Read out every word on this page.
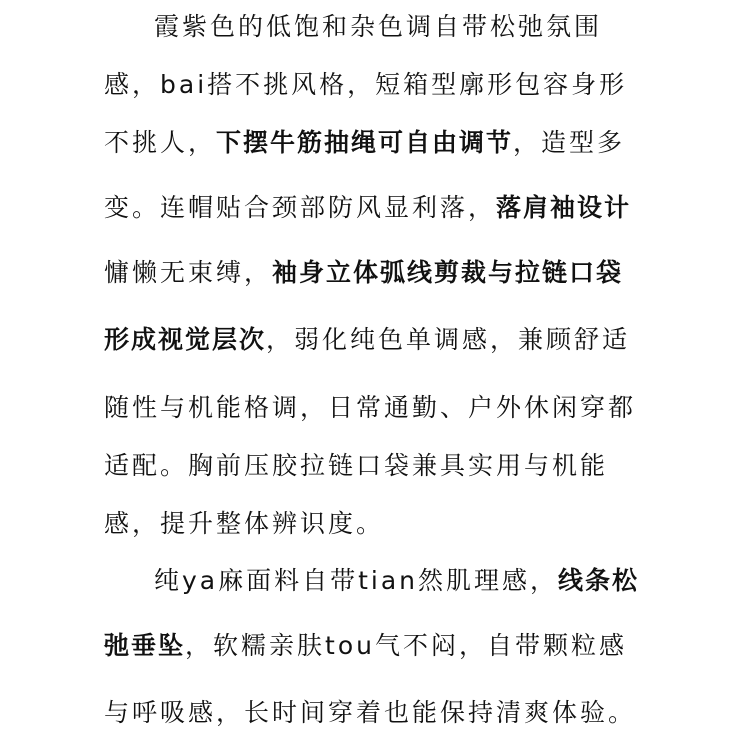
霞紫色的低饱和杂色调自带松弛氛围
感，bai搭不挑风格，短箱型廓形包容身形
不挑人，下摆牛筋抽绳可自由调节，造型多
变。连帽贴合颈部防风显利落，落肩袖设计
慵懒无束缚，袖身立体弧线剪裁与拉链口袋
形成视觉层次，弱化纯色单调感，兼顾舒适
随性与机能格调，日常通勤、户外休闲穿都
适配。胸前压胶拉链口袋兼具实用与机能
感，提升整体辨识度。
纯ya麻面料自带tian然肌理感，线条松
弛垂坠，软糯亲肤tou气不闷，自带颗粒感
与呼吸感，长时间穿着也能保持清爽体验。
